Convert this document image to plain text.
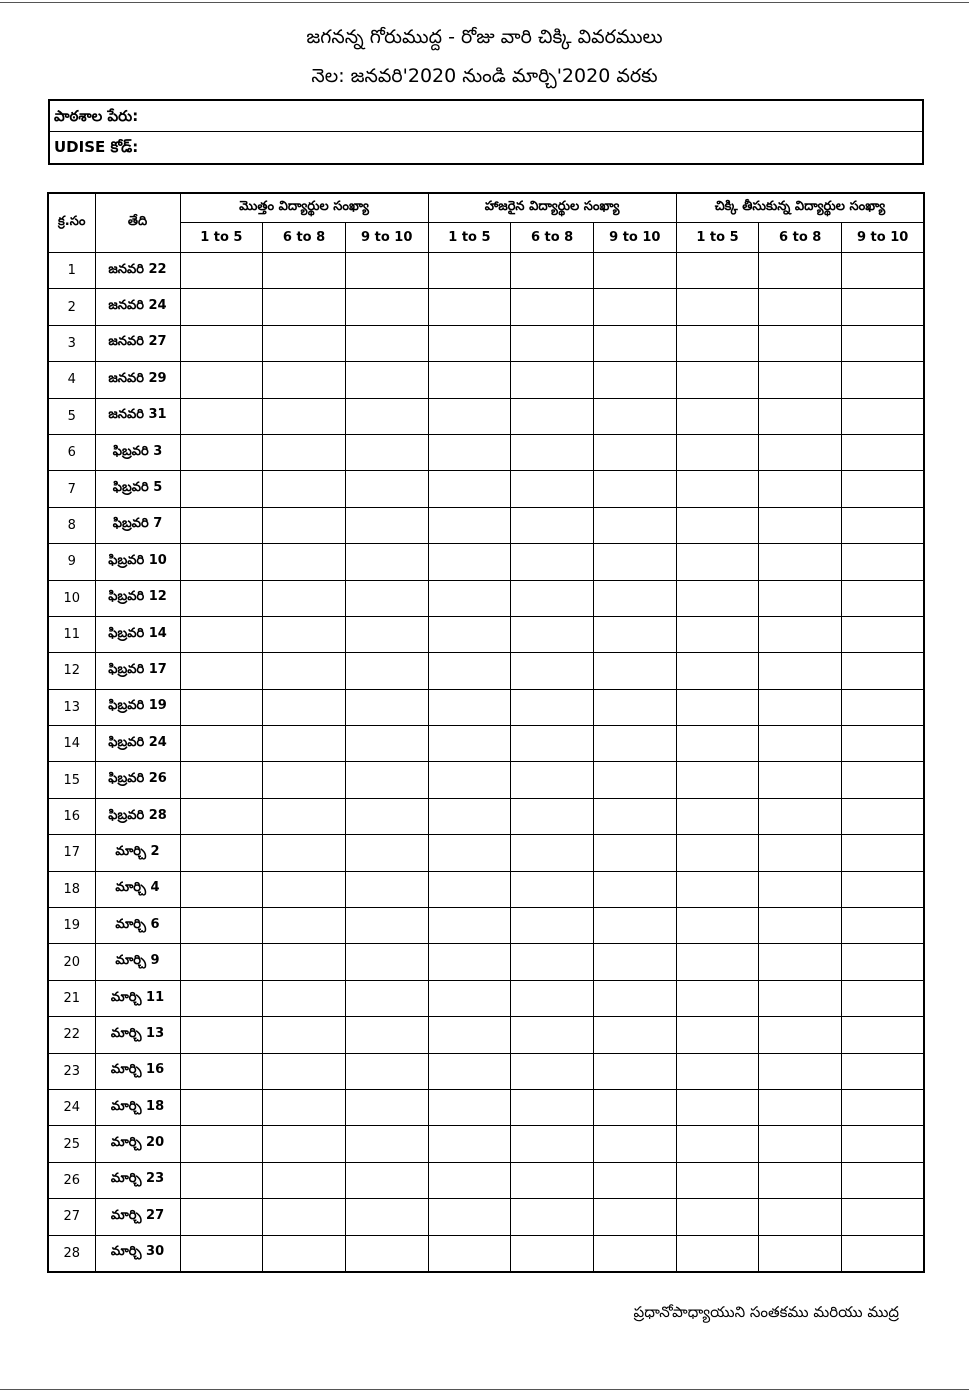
జగనన్న గోరుముద్ద - రోజు వారి చిక్కి వివరములు
నెల: జనవరి'2020 నుండి మార్చి'2020 వరకు
పాఠశాల పేరు:
UDISE కోడ్:
క్ర.సం	తేది	మొత్తం విద్యార్థుల సంఖ్యా			హాజరైన విద్యార్థుల సంఖ్యా			చిక్కి తీసుకున్న విద్యార్థుల సంఖ్యా		
		1 to 5	6 to 8	9 to 10	1 to 5	6 to 8	9 to 10	1 to 5	6 to 8	9 to 10
1	జనవరి 22									
2	జనవరి 24									
3	జనవరి 27									
4	జనవరి 29									
5	జనవరి 31									
6	ఫిబ్రవరి 3									
7	ఫిబ్రవరి 5									
8	ఫిబ్రవరి 7									
9	ఫిబ్రవరి 10									
10	ఫిబ్రవరి 12									
11	ఫిబ్రవరి 14									
12	ఫిబ్రవరి 17									
13	ఫిబ్రవరి 19									
14	ఫిబ్రవరి 24									
15	ఫిబ్రవరి 26									
16	ఫిబ్రవరి 28									
17	మార్చి 2									
18	మార్చి 4									
19	మార్చి 6									
20	మార్చి 9									
21	మార్చి 11									
22	మార్చి 13									
23	మార్చి 16									
24	మార్చి 18									
25	మార్చి 20									
26	మార్చి 23									
27	మార్చి 27									
28	మార్చి 30									
ప్రధానోపాధ్యాయుని సంతకము మరియు ముద్ర
